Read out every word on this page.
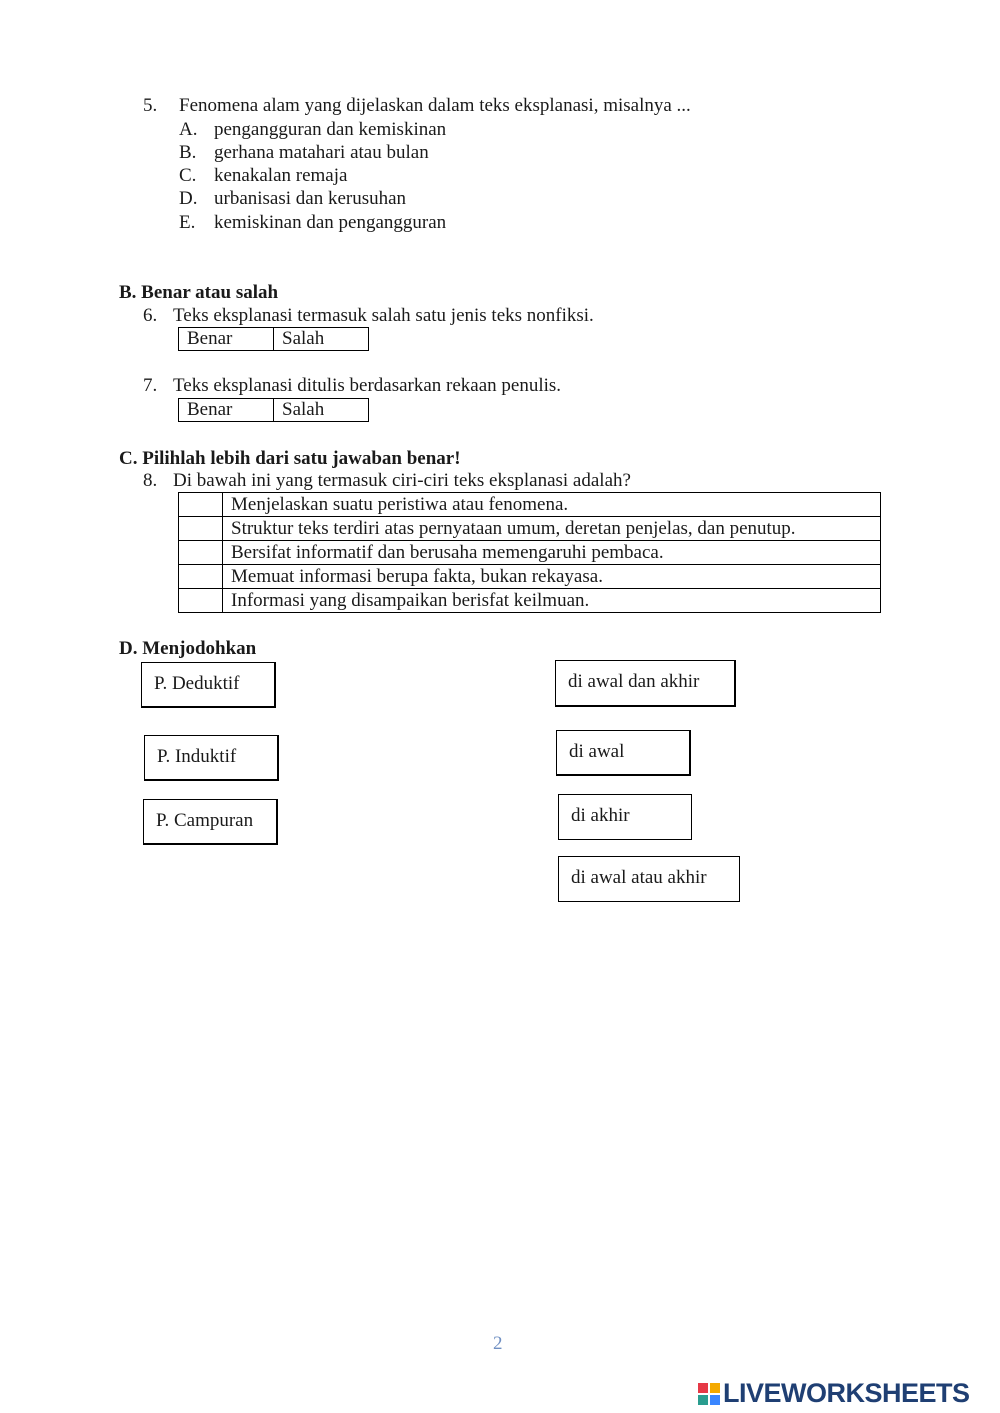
5. Fenomena alam yang dijelaskan dalam teks eksplanasi, misalnya ...
A. pengangguran dan kemiskinan
B. gerhana matahari atau bulan
C. kenakalan remaja
D. urbanisasi dan kerusuhan
E. kemiskinan dan pengangguran
B. Benar atau salah
6. Teks eksplanasi termasuk salah satu jenis teks nonfiksi.
Benar	Salah
7. Teks eksplanasi ditulis berdasarkan rekaan penulis.
Benar	Salah
C. Pilihlah lebih dari satu jawaban benar!
8. Di bawah ini yang termasuk ciri-ciri teks eksplanasi adalah?
	Menjelaskan suatu peristiwa atau fenomena.
	Struktur teks terdiri atas pernyataan umum, deretan penjelas, dan penutup.
	Bersifat informatif dan berusaha memengaruhi pembaca.
	Memuat informasi berupa fakta, bukan rekayasa.
	Informasi yang disampaikan berisfat keilmuan.
D. Menjodohkan
P. Deduktif
P. Induktif
P. Campuran
di awal dan akhir
di awal
di akhir
di awal atau akhir
2
LIVEWORKSHEETS
